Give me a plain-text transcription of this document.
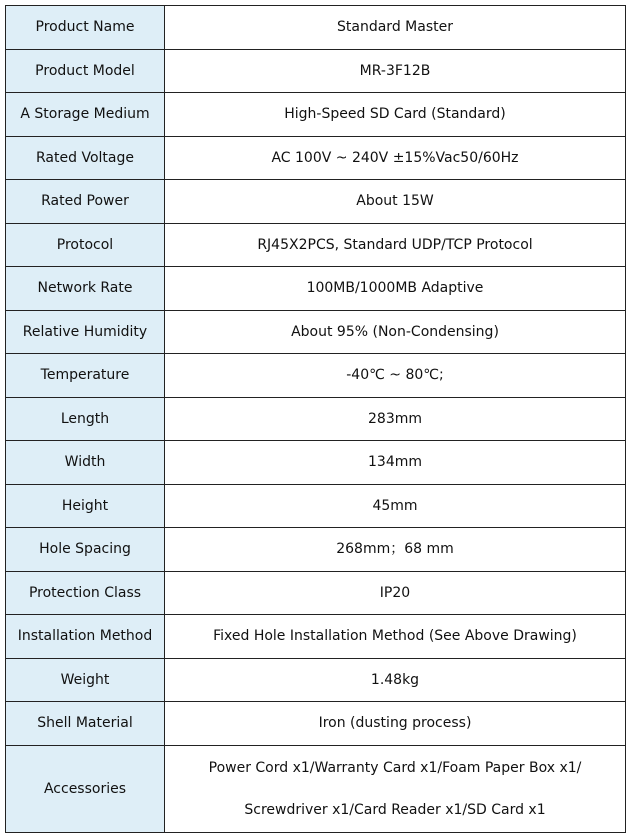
Product Name	Standard Master
Product Model	MR-3F12B
A Storage Medium	High-Speed SD Card (Standard)
Rated Voltage	AC 100V ~ 240V ±15%Vac50/60Hz
Rated Power	About 15W
Protocol	RJ45X2PCS, Standard UDP/TCP Protocol
Network Rate	100MB/1000MB Adaptive
Relative Humidity	About 95% (Non-Condensing)
Temperature	-40℃ ~ 80℃;
Length	283mm
Width	134mm
Height	45mm
Hole Spacing	268mm；68 mm
Protection Class	IP20
Installation Method	Fixed Hole Installation Method (See Above Drawing)
Weight	1.48kg
Shell Material	Iron (dusting process)
Accessories	Power Cord x1/Warranty Card x1/Foam Paper Box x1/
Screwdriver x1/Card Reader x1/SD Card x1
